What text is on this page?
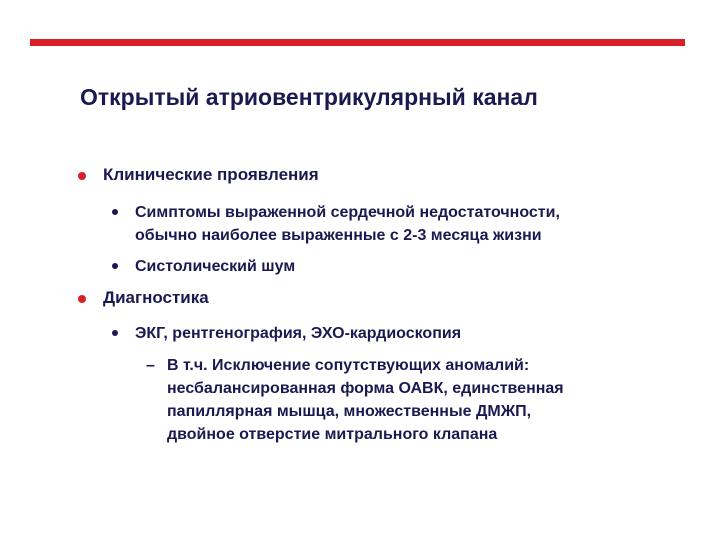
Открытый атриовентрикулярный канал
Клинические проявления
Симптомы выраженной сердечной недостаточности,
обычно наиболее выраженные с 2-3 месяца жизни
Систолический шум
Диагностика
ЭКГ, рентгенография, ЭХО-кардиоскопия
– В т.ч. Исключение сопутствующих аномалий:
несбалансированная форма ОАВК, единственная
папиллярная мышца, множественные ДМЖП,
двойное отверстие митрального клапана
